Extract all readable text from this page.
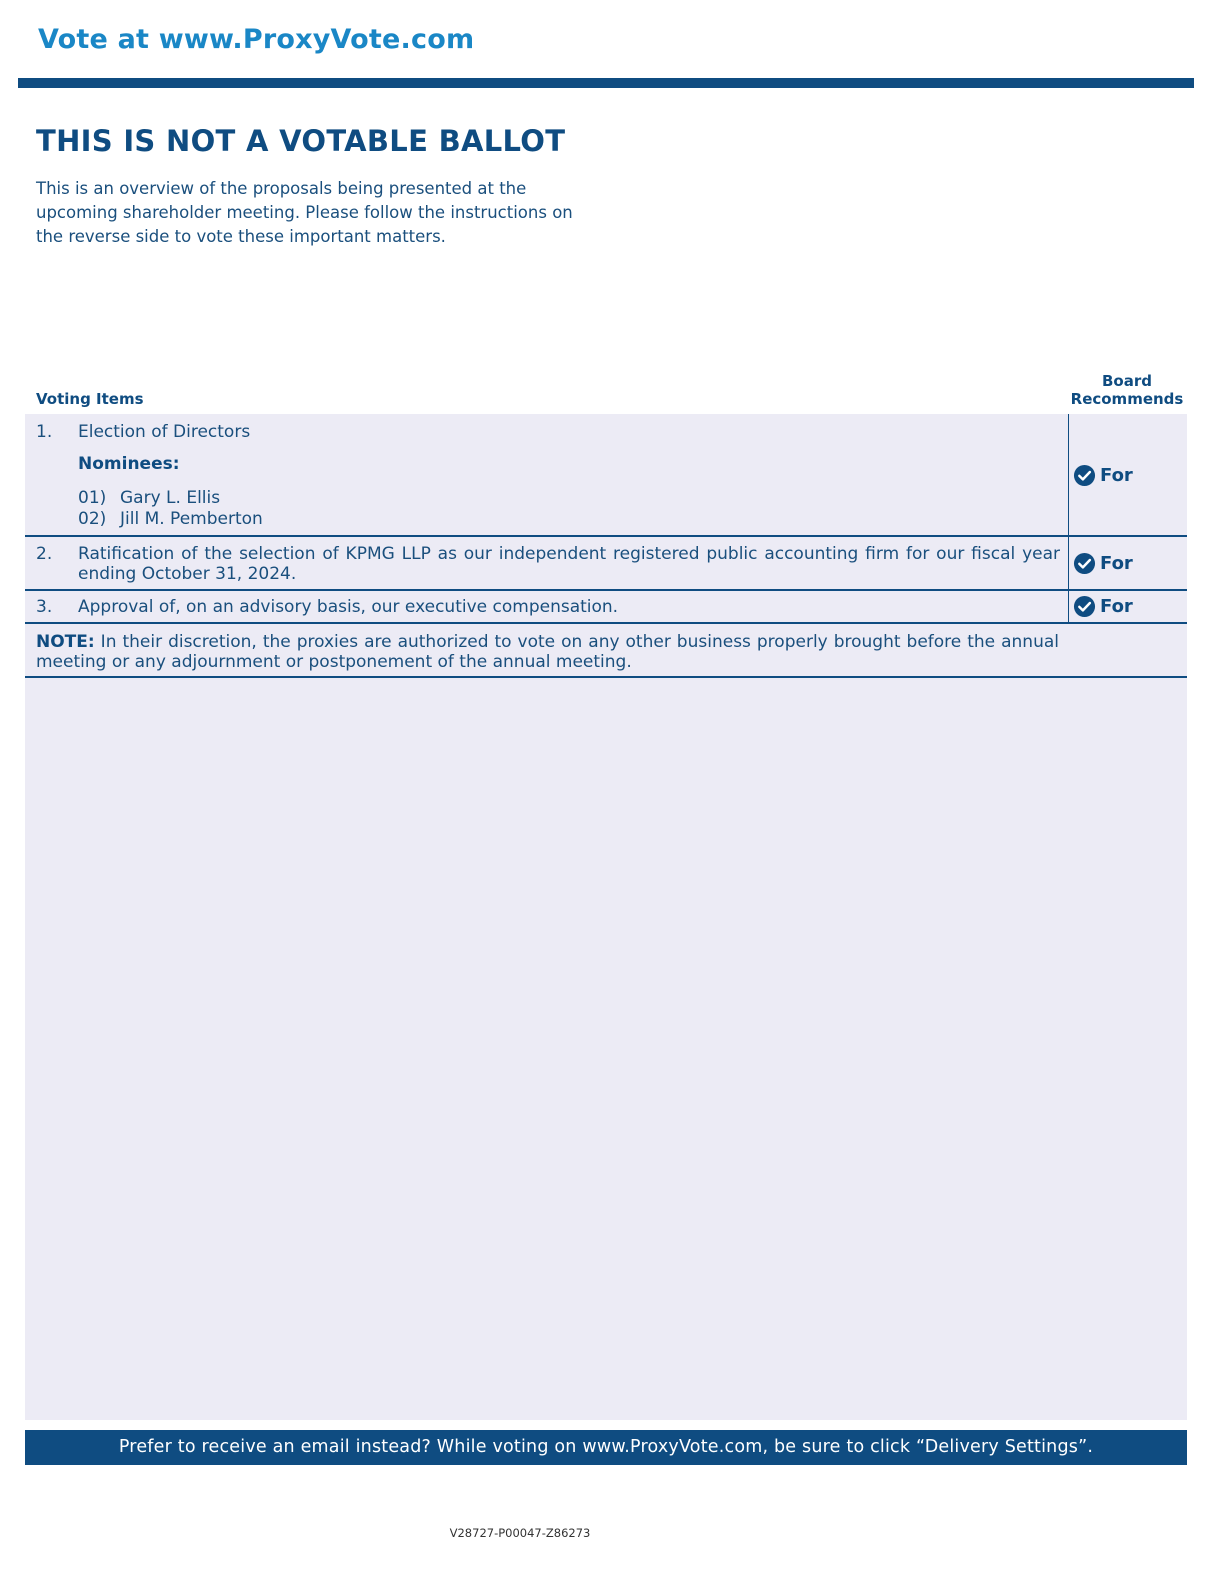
Vote at www.ProxyVote.com
THIS IS NOT A VOTABLE BALLOT
This is an overview of the proposals being presented at the
upcoming shareholder meeting. Please follow the instructions on
the reverse side to vote these important matters.
Voting Items
Board
Recommends
1. Election of Directors
Nominees:
01) Gary L. Ellis
02) Jill M. Pemberton
For
2. Ratification of the selection of KPMG LLP as our independent registered public accounting firm for our fiscal year ending October 31, 2024.	For
3. Approval of, on an advisory basis, our executive compensation.	For
NOTE: In their discretion, the proxies are authorized to vote on any other business properly brought before the annual meeting or any adjournment or postponement of the annual meeting.
Prefer to receive an email instead? While voting on www.ProxyVote.com, be sure to click “Delivery Settings”.
V28727-P00047-Z86273
